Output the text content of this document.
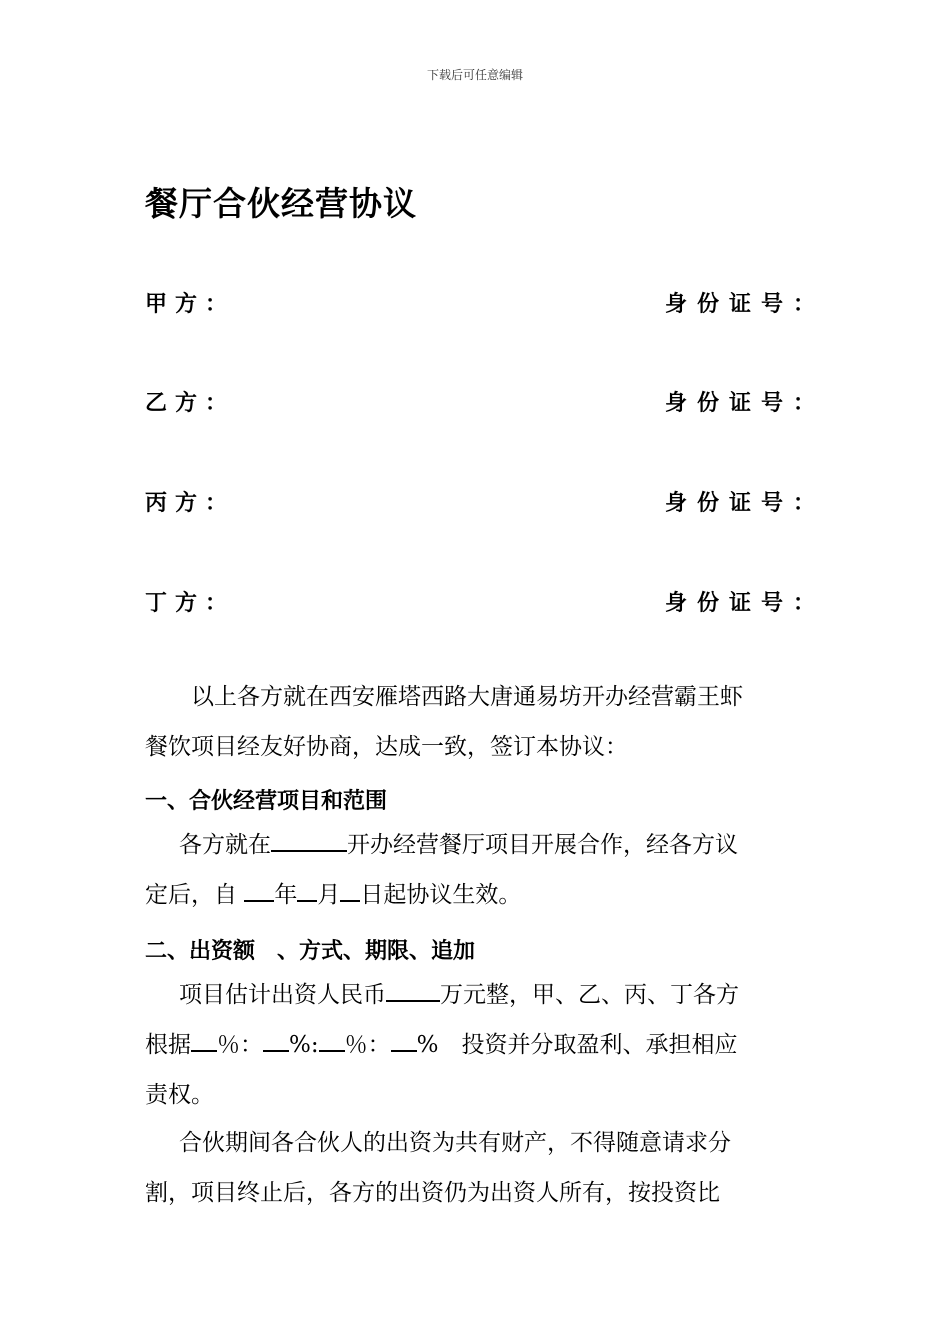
下载后可任意编辑
餐厅合伙经营协议
甲方：	身份证号：
乙方：	身份证号：
丙方：	身份证号：
丁方：	身份证号：
以上各方就在西安雁塔西路大唐通易坊开办经营霸王虾
餐饮项目经友好协商，达成一致，签订本协议：
一、合伙经营项目和范围
各方就在	开办经营餐厅项目开展合作，经各方议
定后，自 年 月 日起协议生效。
二、出资额　、方式、期限、追加
项目估计出资人民币 万元整，甲、乙、丙、丁各方
根据 ％： %: ％： %　投资并分取盈利、承担相应
责权。
合伙期间各合伙人的出资为共有财产，不得随意请求分
割，项目终止后，各方的出资仍为出资人所有，按投资比
